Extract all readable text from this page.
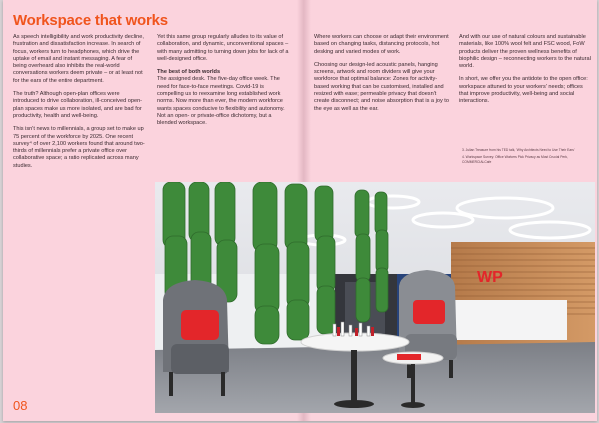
Workspace that works

As speech intelligibility and work productivity decline, frustration and dissatisfaction increase. In search of focus, workers turn to headphones, which drive the uptake of email and instant messaging. A fear of being overheard also inhibits the real-world conversations workers deem private – or at least not for the ears of the entire department.

The truth? Although open-plan offices were introduced to drive collaboration, ill-conceived open-plan spaces make us more isolated, and are bad for productivity, health and well-being.

This isn't news to millennials, a group set to make up 75 percent of the workforce by 2025. One recent survey⁴ of over 2,100 workers found that around two-thirds of millennials prefer a private office over collaborative space; a ratio replicated across many studies.

Yet this same group regularly alludes to its value of collaboration, and dynamic, unconventional spaces – with many admitting to turning down jobs for lack of a well-designed office.

The best of both worlds

The assigned desk. The five-day office week. The need for face-to-face meetings. Covid-19 is compelling us to reexamine long established work norms. Now more than ever, the modern workforce wants spaces conducive to flexibility and autonomy.

Not an open- or private-office dichotomy, but a blended workspace.

Where workers can choose or adapt their environment based on changing tasks, distancing protocols, hot desking and varied modes of work.

Choosing our design-led acoustic panels, hanging screens, artwork and room dividers will give your workforce that optimal balance: Zones for activity-based working that can be customised, installed and resized with ease; permeable privacy that doesn't create disconnect; and noise absorption that is a joy to the eye as well as the ear.

And with our use of natural colours and sustainable materials, like 100% wool felt and FSC wood, FoW products deliver the proven wellness benefits of biophilic design – reconnecting workers to the natural world.

In short, we offer you the antidote to the open office: workspace attuned to your workers' needs; offices that improve productivity, well-being and social interactions.

3. Julian Treasure from his TED talk, 'Why Architects Need to Use Their Ears'
4. Workspace Survey: Office Workers Pick Privacy as Most Crucial Perk, COMMERCIALCafe
08
WP
